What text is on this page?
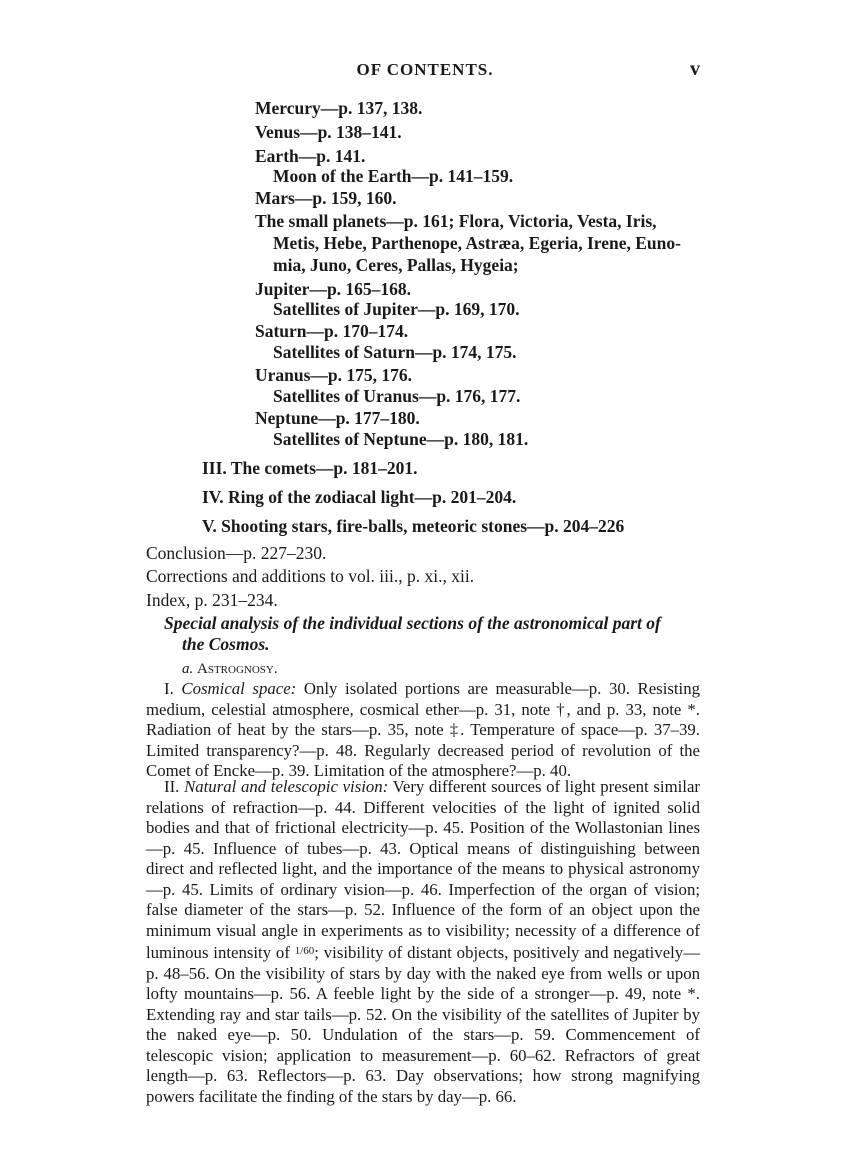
OF CONTENTS.	v
Mercury—p. 137, 138.
Venus—p. 138–141.
Earth—p. 141.
Moon of the Earth—p. 141–159.
Mars—p. 159, 160.
The small planets—p. 161; Flora, Victoria, Vesta, Iris,
Metis, Hebe, Parthenope, Astræa, Egeria, Irene, Euno-
mia, Juno, Ceres, Pallas, Hygeia;
Jupiter—p. 165–168.
Satellites of Jupiter—p. 169, 170.
Saturn—p. 170–174.
Satellites of Saturn—p. 174, 175.
Uranus—p. 175, 176.
Satellites of Uranus—p. 176, 177.
Neptune—p. 177–180.
Satellites of Neptune—p. 180, 181.
III. The comets—p. 181–201.
IV. Ring of the zodiacal light—p. 201–204.
V. Shooting stars, fire-balls, meteoric stones—p. 204–226
Conclusion—p. 227–230.
Corrections and additions to vol. iii., p. xi., xii.
Index, p. 231–234.
Special analysis of the individual sections of the astronomical part of
the Cosmos.
a. Astrognosy.
I. Cosmical space: Only isolated portions are measurable—p. 30. Resisting medium, celestial atmosphere, cosmical ether—p. 31, note †, and p. 33, note *. Radiation of heat by the stars—p. 35, note ‡. Temperature of space—p. 37–39. Limited transparency?—p. 48. Regularly decreased period of revolution of the Comet of Encke—p. 39. Limitation of the atmosphere?—p. 40.
II. Natural and telescopic vision: Very different sources of light present similar relations of refraction—p. 44. Different velocities of the light of ignited solid bodies and that of frictional electricity—p. 45. Position of the Wollastonian lines—p. 45. Influence of tubes—p. 43. Optical means of distinguishing between direct and reflected light, and the importance of the means to physical astronomy—p. 45. Limits of ordinary vision—p. 46. Imperfection of the organ of vision; false diameter of the stars—p. 52. Influence of the form of an object upon the minimum visual angle in experiments as to visibility; necessity of a difference of luminous intensity of $^{1/60}$; visibility of distant objects, positively and negatively—p. 48–56. On the visibility of stars by day with the naked eye from wells or upon lofty mountains—p. 56. A feeble light by the side of a stronger—p. 49, note *. Extending ray and star tails—p. 52. On the visibility of the satellites of Jupiter by the naked eye—p. 50. Undulation of the stars—p. 59. Commencement of telescopic vision; application to measurement—p. 60–62. Refractors of great length—p. 63. Reflectors—p. 63. Day observations; how strong magnifying powers facilitate the finding of the stars by day—p. 66.
